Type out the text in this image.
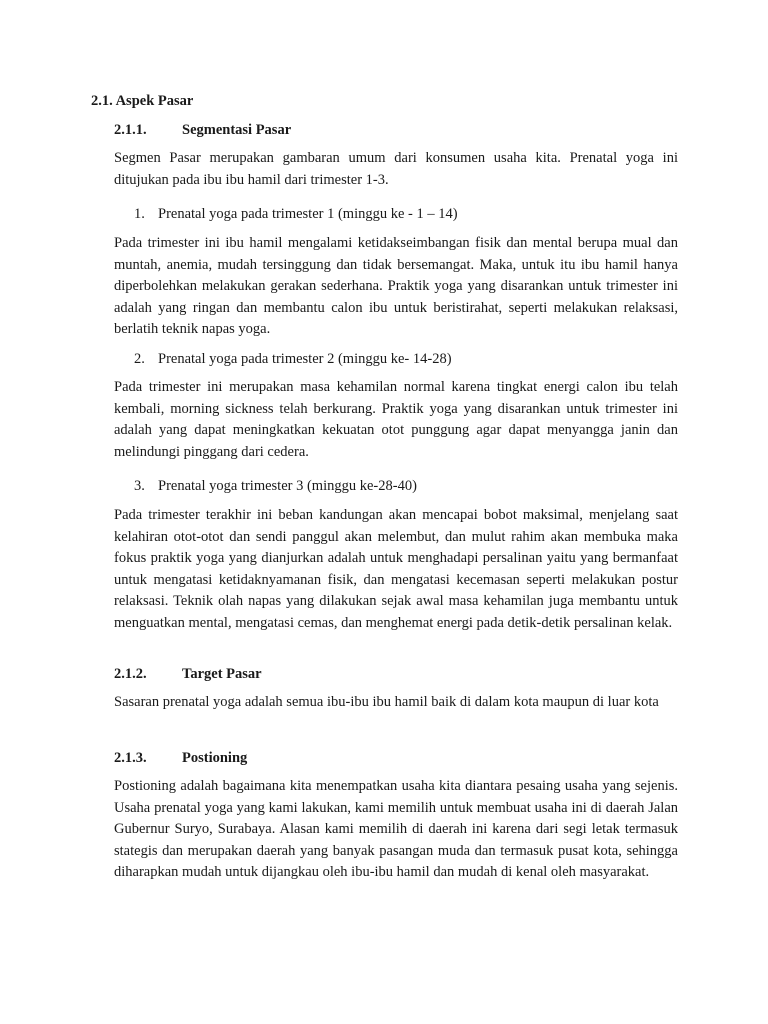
2.1. Aspek Pasar
2.1.1. Segmentasi Pasar
Segmen Pasar merupakan gambaran umum dari konsumen usaha kita. Prenatal yoga ini ditujukan pada ibu ibu hamil dari trimester 1-3.
1. Prenatal yoga pada trimester 1 (minggu ke - 1 – 14)
Pada trimester ini ibu hamil mengalami ketidakseimbangan fisik dan mental berupa mual dan muntah, anemia, mudah tersinggung dan tidak bersemangat. Maka, untuk itu ibu hamil hanya diperbolehkan melakukan gerakan sederhana. Praktik yoga yang disarankan untuk trimester ini adalah yang ringan dan membantu calon ibu untuk beristirahat, seperti melakukan relaksasi, berlatih teknik napas yoga.
2. Prenatal yoga pada trimester 2 (minggu ke- 14-28)
Pada trimester ini merupakan masa kehamilan normal karena tingkat energi calon ibu telah kembali, morning sickness telah berkurang. Praktik yoga yang disarankan untuk trimester ini adalah yang dapat meningkatkan kekuatan otot punggung agar dapat menyangga janin dan melindungi pinggang dari cedera.
3. Prenatal yoga trimester 3 (minggu ke-28-40)
Pada trimester terakhir ini beban kandungan akan mencapai bobot maksimal, menjelang saat kelahiran otot-otot dan sendi panggul akan melembut, dan mulut rahim akan membuka maka fokus praktik yoga yang dianjurkan adalah untuk menghadapi persalinan yaitu yang bermanfaat untuk mengatasi ketidaknyamanan fisik, dan mengatasi kecemasan seperti melakukan postur relaksasi. Teknik olah napas yang dilakukan sejak awal masa kehamilan juga membantu untuk menguatkan mental, mengatasi cemas, dan menghemat energi pada detik-detik persalinan kelak.
2.1.2. Target Pasar
Sasaran prenatal yoga adalah semua ibu-ibu ibu hamil baik di dalam kota maupun di luar kota
2.1.3. Postioning
Postioning adalah bagaimana kita menempatkan usaha kita diantara pesaing usaha yang sejenis. Usaha prenatal yoga yang kami lakukan, kami memilih untuk membuat usaha ini di daerah Jalan Gubernur Suryo, Surabaya. Alasan kami memilih di daerah ini karena dari segi letak termasuk stategis dan merupakan daerah yang banyak pasangan muda dan termasuk pusat kota, sehingga diharapkan mudah untuk dijangkau oleh ibu-ibu hamil dan mudah di kenal oleh masyarakat.
